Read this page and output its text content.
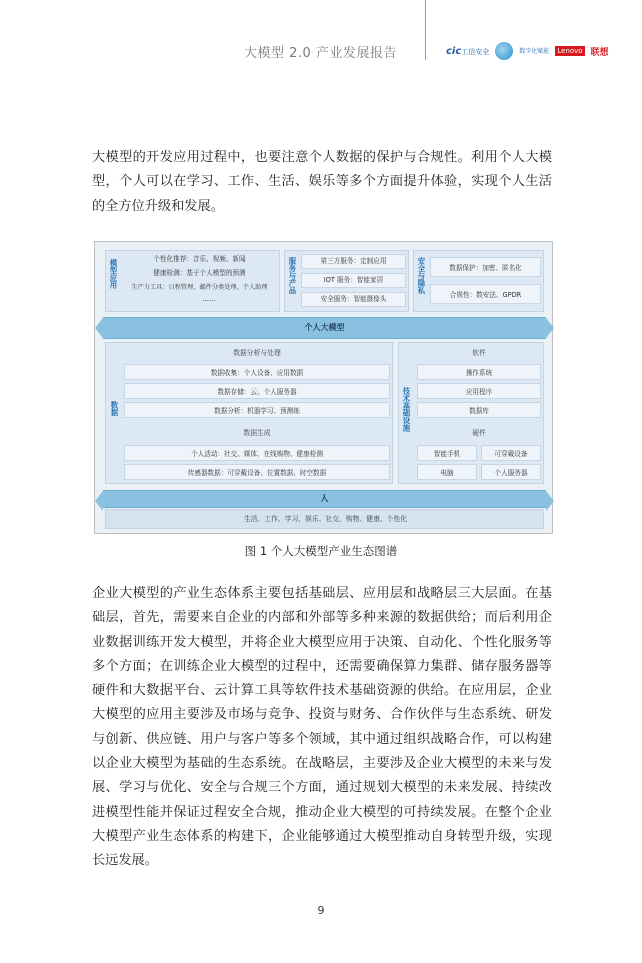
大模型 2.0 产业发展报告	cic工信安全	数字化赋能 Lenovo 联想
大模型的开发应用过程中，也要注意个人数据的保护与合规性。利用个人大模型，个人可以在学习、工作、生活、娱乐等多个方面提升体验，实现个人生活的全方位升级和发展。
模型应用	个性化推荐：音乐、视频、新闻
健康检测：基于个人模型的预测
生产力工具：日程管理、邮件分类处理、个人助理
……
服务与产品	第三方服务：定制应用
IOT 服务：智能家居
安全服务：智能摄像头
安全与隐私	数据保护：加密、匿名化
合规性：数安法、GPDR
个人大模型
数据
数据分析与处理
数据收集：个人设备、应用数据
数据存储：云、个人服务器
数据分析：机器学习、预测练
数据生成
个人活动：社交、媒体、在线购物、健康检测
传感器数据：可穿戴设备、位置数据、时空数据
技术基础设施
软件
操作系统
应用程序
数据库
硬件
智能手机	可穿戴设备
电脑	个人服务器
人
生活、工作、学习、娱乐、社交、购物、健康、个性化
图 1 个人大模型产业生态图谱
企业大模型的产业生态体系主要包括基础层、应用层和战略层三大层面。在基础层，首先，需要来自企业的内部和外部等多种来源的数据供给；而后利用企业数据训练开发大模型，并将企业大模型应用于决策、自动化、个性化服务等多个方面；在训练企业大模型的过程中，还需要确保算力集群、储存服务器等硬件和大数据平台、云计算工具等软件技术基础资源的供给。在应用层，企业大模型的应用主要涉及市场与竞争、投资与财务、合作伙伴与生态系统、研发与创新、供应链、用户与客户等多个领域，其中通过组织战略合作，可以构建以企业大模型为基础的生态系统。在战略层，主要涉及企业大模型的未来与发展、学习与优化、安全与合规三个方面，通过规划大模型的未来发展、持续改进模型性能并保证过程安全合规，推动企业大模型的可持续发展。在整个企业大模型产业生态体系的构建下，企业能够通过大模型推动自身转型升级，实现长远发展。
9
